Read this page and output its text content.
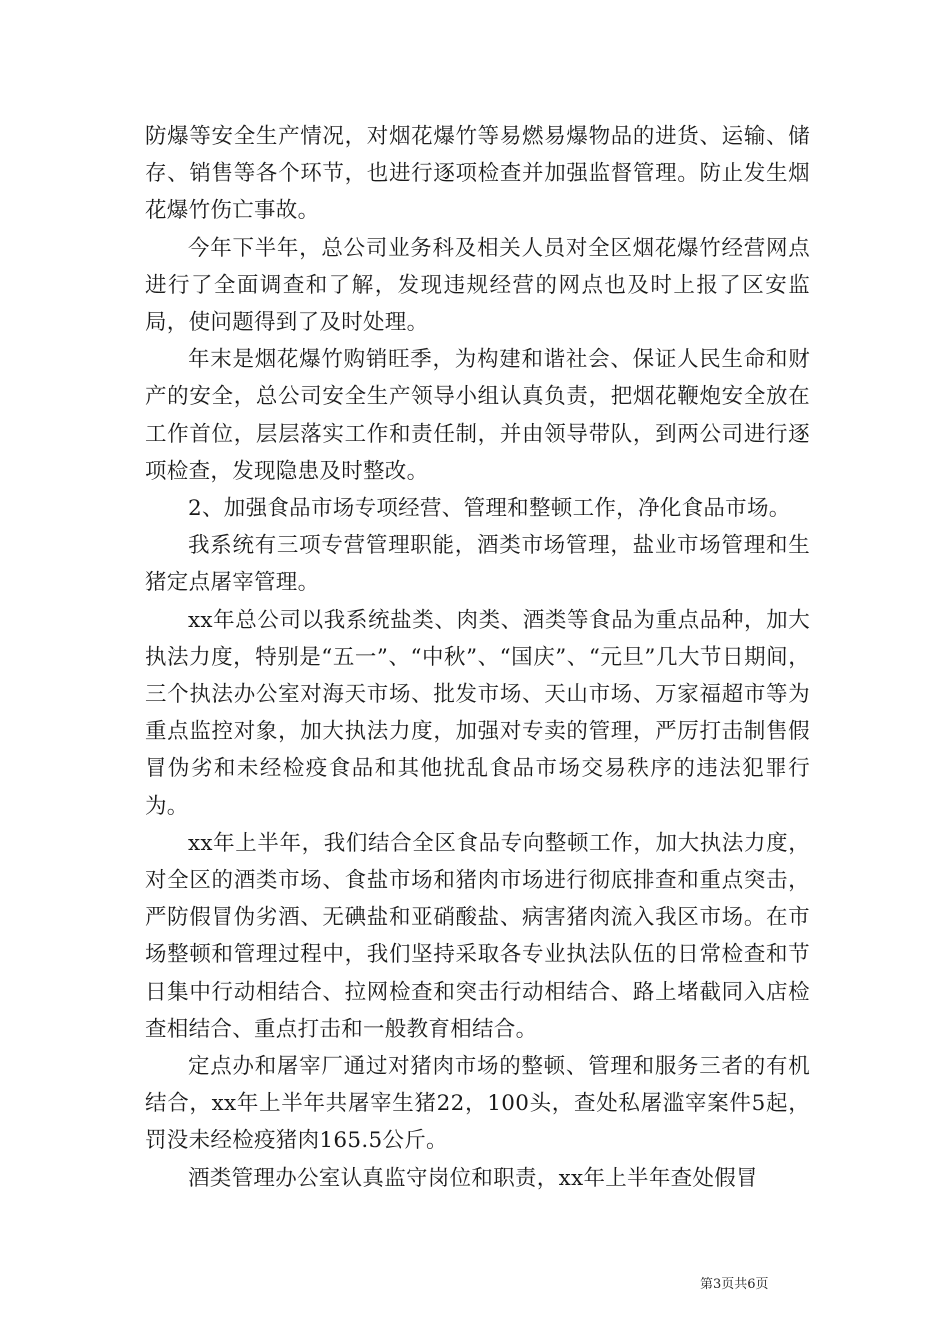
防爆等安全生产情况，对烟花爆竹等易燃易爆物品的进货、运输、储存、销售等各个环节，也进行逐项检查并加强监督管理。防止发生烟花爆竹伤亡事故。

今年下半年，总公司业务科及相关人员对全区烟花爆竹经营网点进行了全面调查和了解，发现违规经营的网点也及时上报了区安监局，使问题得到了及时处理。

年末是烟花爆竹购销旺季，为构建和谐社会、保证人民生命和财产的安全，总公司安全生产领导小组认真负责，把烟花鞭炮安全放在工作首位，层层落实工作和责任制，并由领导带队，到两公司进行逐项检查，发现隐患及时整改。

2、加强食品市场专项经营、管理和整顿工作，净化食品市场。

我系统有三项专营管理职能，酒类市场管理，盐业市场管理和生猪定点屠宰管理。

xx年总公司以我系统盐类、肉类、酒类等食品为重点品种，加大执法力度，特别是“五一”、“中秋”、“国庆”、“元旦”几大节日期间，三个执法办公室对海天市场、批发市场、天山市场、万家福超市等为重点监控对象，加大执法力度，加强对专卖的管理，严厉打击制售假冒伪劣和未经检疫食品和其他扰乱食品市场交易秩序的违法犯罪行为。

xx年上半年，我们结合全区食品专向整顿工作，加大执法力度，对全区的酒类市场、食盐市场和猪肉市场进行彻底排查和重点突击，严防假冒伪劣酒、无碘盐和亚硝酸盐、病害猪肉流入我区市场。在市场整顿和管理过程中，我们坚持采取各专业执法队伍的日常检查和节日集中行动相结合、拉网检查和突击行动相结合、路上堵截同入店检查相结合、重点打击和一般教育相结合。

定点办和屠宰厂通过对猪肉市场的整顿、管理和服务三者的有机结合，xx年上半年共屠宰生猪22，100头，查处私屠滥宰案件5起，罚没未经检疫猪肉165.5公斤。

酒类管理办公室认真监守岗位和职责，xx年上半年查处假冒

第3页共6页
